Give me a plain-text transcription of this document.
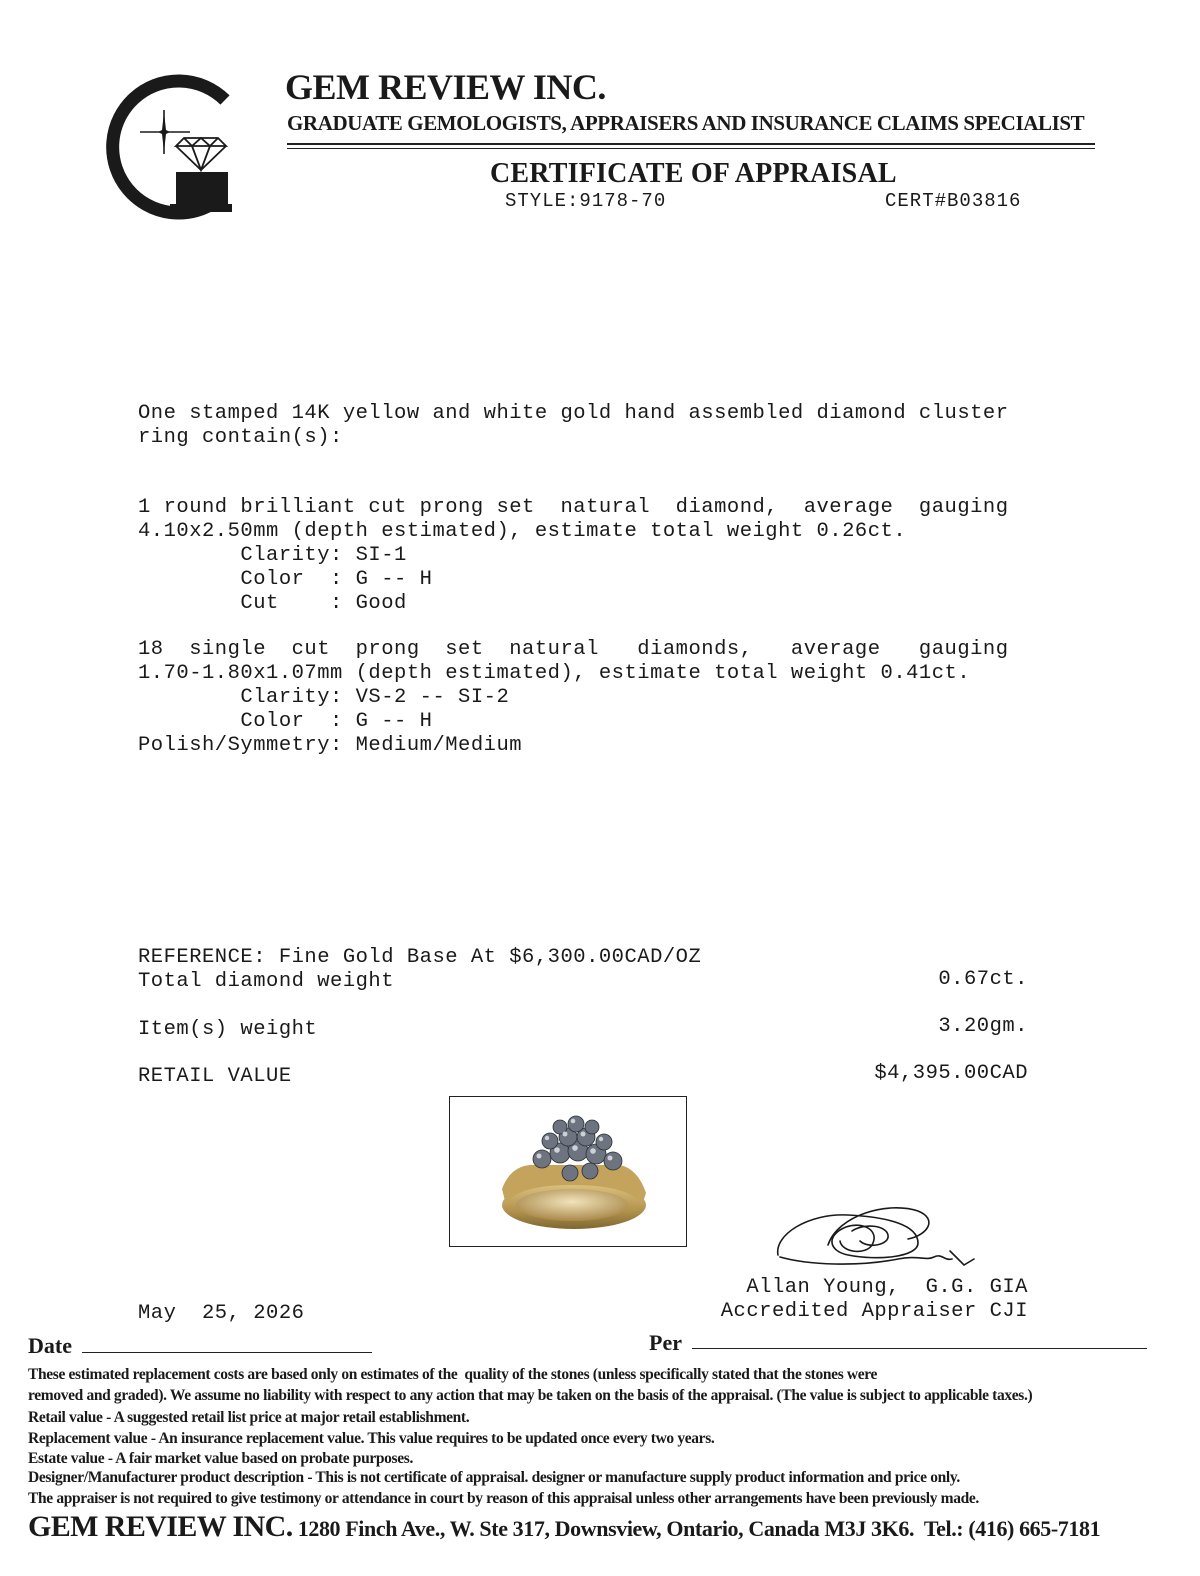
GEM REVIEW INC.
GRADUATE GEMOLOGISTS, APPRAISERS AND INSURANCE CLAIMS SPECIALIST
CERTIFICATE OF APPRAISAL
STYLE:9178-70	CERT#B03816
One stamped 14K yellow and white gold hand assembled diamond cluster
ring contain(s):
1 round brilliant cut prong set  natural  diamond,  average  gauging
4.10x2.50mm (depth estimated), estimate total weight 0.26ct.
Clarity: SI-1
Color  : G -- H
Cut    : Good
18  single  cut  prong  set  natural   diamonds,   average   gauging
1.70-1.80x1.07mm (depth estimated), estimate total weight 0.41ct.
Clarity: VS-2 -- SI-2
Color  : G -- H
Polish/Symmetry: Medium/Medium
REFERENCE: Fine Gold Base At $6,300.00CAD/OZ
Total diamond weight	0.67ct.
Item(s) weight	3.20gm.
RETAIL VALUE	$4,395.00CAD
Allan Young,  G.G. GIA
Accredited Appraiser CJI
May  25, 2026
Date	Per
These estimated replacement costs are based only on estimates of the  quality of the stones (unless specifically stated that the stones were
removed and graded). We assume no liability with respect to any action that may be taken on the basis of the appraisal. (The value is subject to applicable taxes.)
Retail value - A suggested retail list price at major retail establishment.
Replacement value - An insurance replacement value. This value requires to be updated once every two years.
Estate value - A fair market value based on probate purposes.
Designer/Manufacturer product description - This is not certificate of appraisal. designer or manufacture supply product information and price only.
The appraiser is not required to give testimony or attendance in court by reason of this appraisal unless other arrangements have been previously made.
GEM REVIEW INC. 1280 Finch Ave., W. Ste 317, Downsview, Ontario, Canada M3J 3K6.  Tel.: (416) 665-7181
